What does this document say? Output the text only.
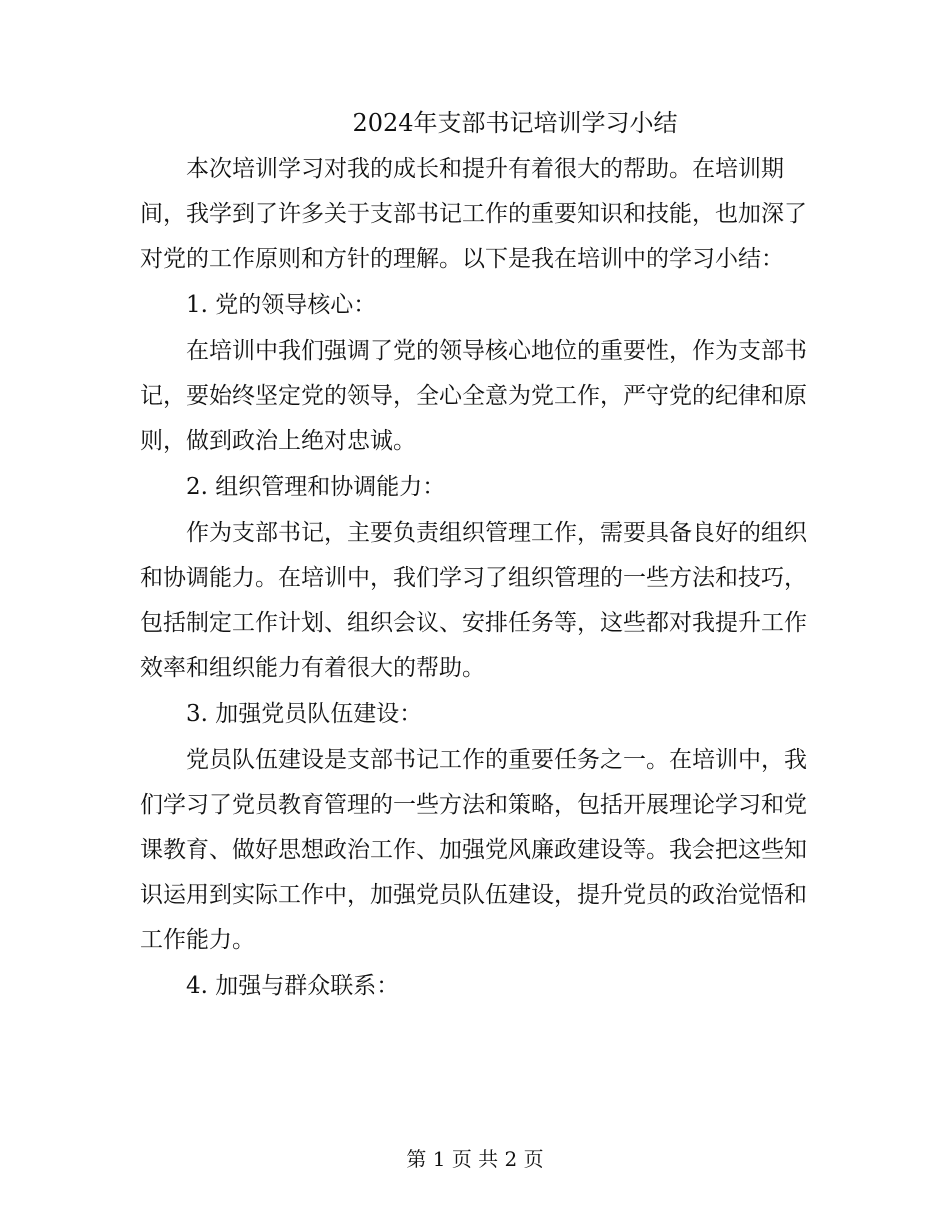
2024年支部书记培训学习小结

本次培训学习对我的成长和提升有着很大的帮助。在培训期间，我学到了许多关于支部书记工作的重要知识和技能，也加深了对党的工作原则和方针的理解。以下是我在培训中的学习小结：

1. 党的领导核心：

在培训中我们强调了党的领导核心地位的重要性，作为支部书记，要始终坚定党的领导，全心全意为党工作，严守党的纪律和原则，做到政治上绝对忠诚。

2. 组织管理和协调能力：

作为支部书记，主要负责组织管理工作，需要具备良好的组织和协调能力。在培训中，我们学习了组织管理的一些方法和技巧，包括制定工作计划、组织会议、安排任务等，这些都对我提升工作效率和组织能力有着很大的帮助。

3. 加强党员队伍建设：

党员队伍建设是支部书记工作的重要任务之一。在培训中，我们学习了党员教育管理的一些方法和策略，包括开展理论学习和党课教育、做好思想政治工作、加强党风廉政建设等。我会把这些知识运用到实际工作中，加强党员队伍建设，提升党员的政治觉悟和工作能力。

4. 加强与群众联系：

第 1 页 共 2 页
